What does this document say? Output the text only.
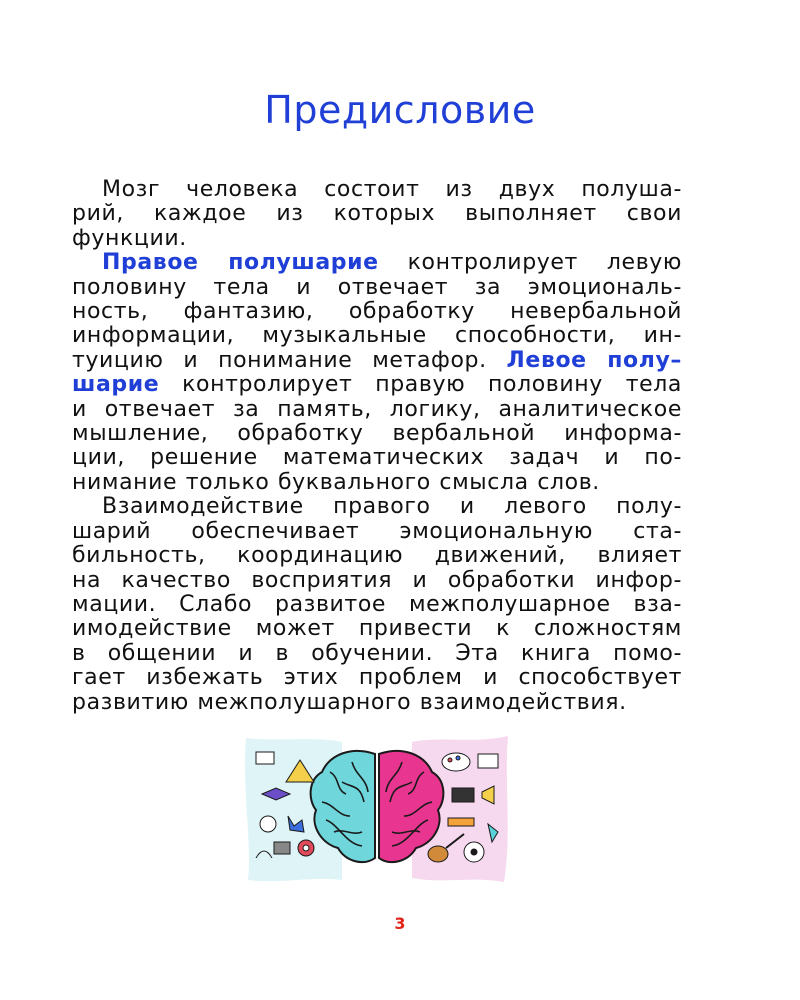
Предисловие
Мозг человека состоит из двух полуша-
рий, каждое из которых выполняет свои
функции.
Правое полушарие контролирует левую
половину тела и отвечает за эмоциональ-
ность, фантазию, обработку невербальной
информации, музыкальные способности, ин-
туицию и понимание метафор. Левое полу–
шарие контролирует правую половину тела
и отвечает за память, логику, аналитическое
мышление, обработку вербальной информа-
ции, решение математических задач и по-
нимание только буквального смысла слов.
Взаимодействие правого и левого полу-
шарий обеспечивает эмоциональную ста-
бильность, координацию движений, влияет
на качество восприятия и обработки инфор-
мации. Слабо развитое межполушарное вза-
имодействие может привести к сложностям
в общении и в обучении. Эта книга помо-
гает избежать этих проблем и способствует
развитию межполушарного взаимодействия.
3
